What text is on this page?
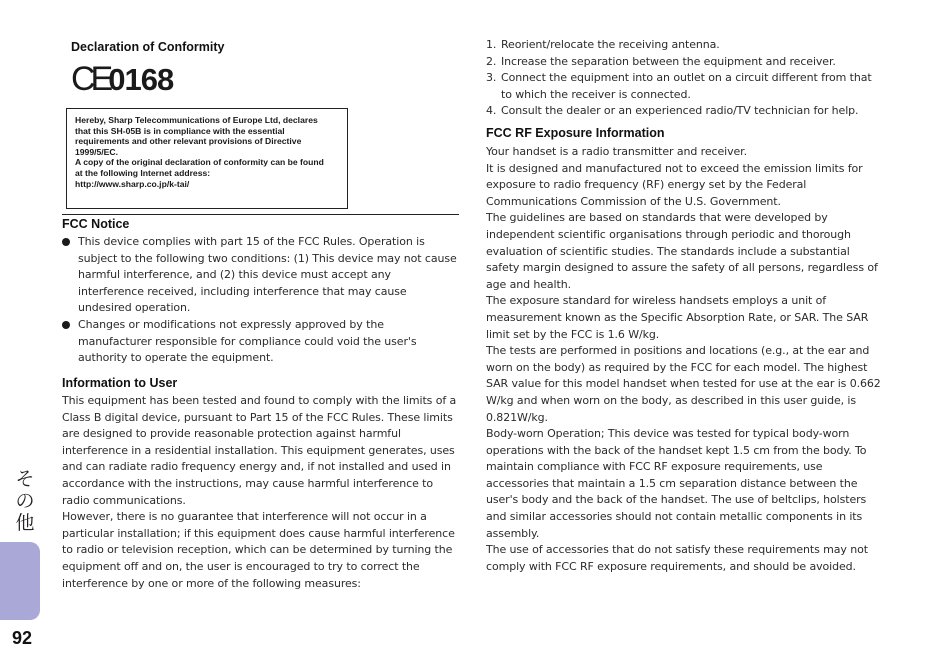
Declaration of Conformity
CE0168

Hereby, Sharp Telecommunications of Europe Ltd, declares

that this SH-05B is in compliance with the essential

requirements and other relevant provisions of Directive

1999/5/EC.

A copy of the original declaration of conformity can be found

at the following Internet address:

http://www.sharp.co.jp/k-tai/

FCC Notice
This device complies with part 15 of the FCC Rules. Operation is subject to the following two conditions: (1) This device may not cause harmful interference, and (2) this device must accept any interference received, including interference that may cause undesired operation.
Changes or modifications not expressly approved by the manufacturer responsible for compliance could void the user's authority to operate the equipment.
Information to User

This equipment has been tested and found to comply with the limits of a Class B digital device, pursuant to Part 15 of the FCC Rules. These limits are designed to provide reasonable protection against harmful interference in a residential installation. This equipment generates, uses and can radiate radio frequency energy and, if not installed and used in accordance with the instructions, may cause harmful interference to radio communications.

However, there is no guarantee that interference will not occur in a particular installation; if this equipment does cause harmful interference to radio or television reception, which can be determined by turning the equipment off and on, the user is encouraged to try to correct the interference by one or more of the following measures:

1. Reorient/relocate the receiving antenna.
2. Increase the separation between the equipment and receiver.
3. Connect the equipment into an outlet on a circuit different from that to which the receiver is connected.
4. Consult the dealer or an experienced radio/TV technician for help.
FCC RF Exposure Information

Your handset is a radio transmitter and receiver.

It is designed and manufactured not to exceed the emission limits for exposure to radio frequency (RF) energy set by the Federal Communications Commission of the U.S. Government.

The guidelines are based on standards that were developed by independent scientific organisations through periodic and thorough evaluation of scientific studies. The standards include a substantial safety margin designed to assure the safety of all persons, regardless of age and health.

The exposure standard for wireless handsets employs a unit of measurement known as the Specific Absorption Rate, or SAR. The SAR limit set by the FCC is 1.6 W/kg.

The tests are performed in positions and locations (e.g., at the ear and worn on the body) as required by the FCC for each model. The highest SAR value for this model handset when tested for use at the ear is 0.662 W/kg and when worn on the body, as described in this user guide, is 0.821W/kg.

Body-worn Operation; This device was tested for typical body-worn operations with the back of the handset kept 1.5 cm from the body. To maintain compliance with FCC RF exposure requirements, use accessories that maintain a 1.5 cm separation distance between the user's body and the back of the handset. The use of beltclips, holsters and similar accessories should not contain metallic components in its assembly.

The use of accessories that do not satisfy these requirements may not comply with FCC RF exposure requirements, and should be avoided.

その他
92
